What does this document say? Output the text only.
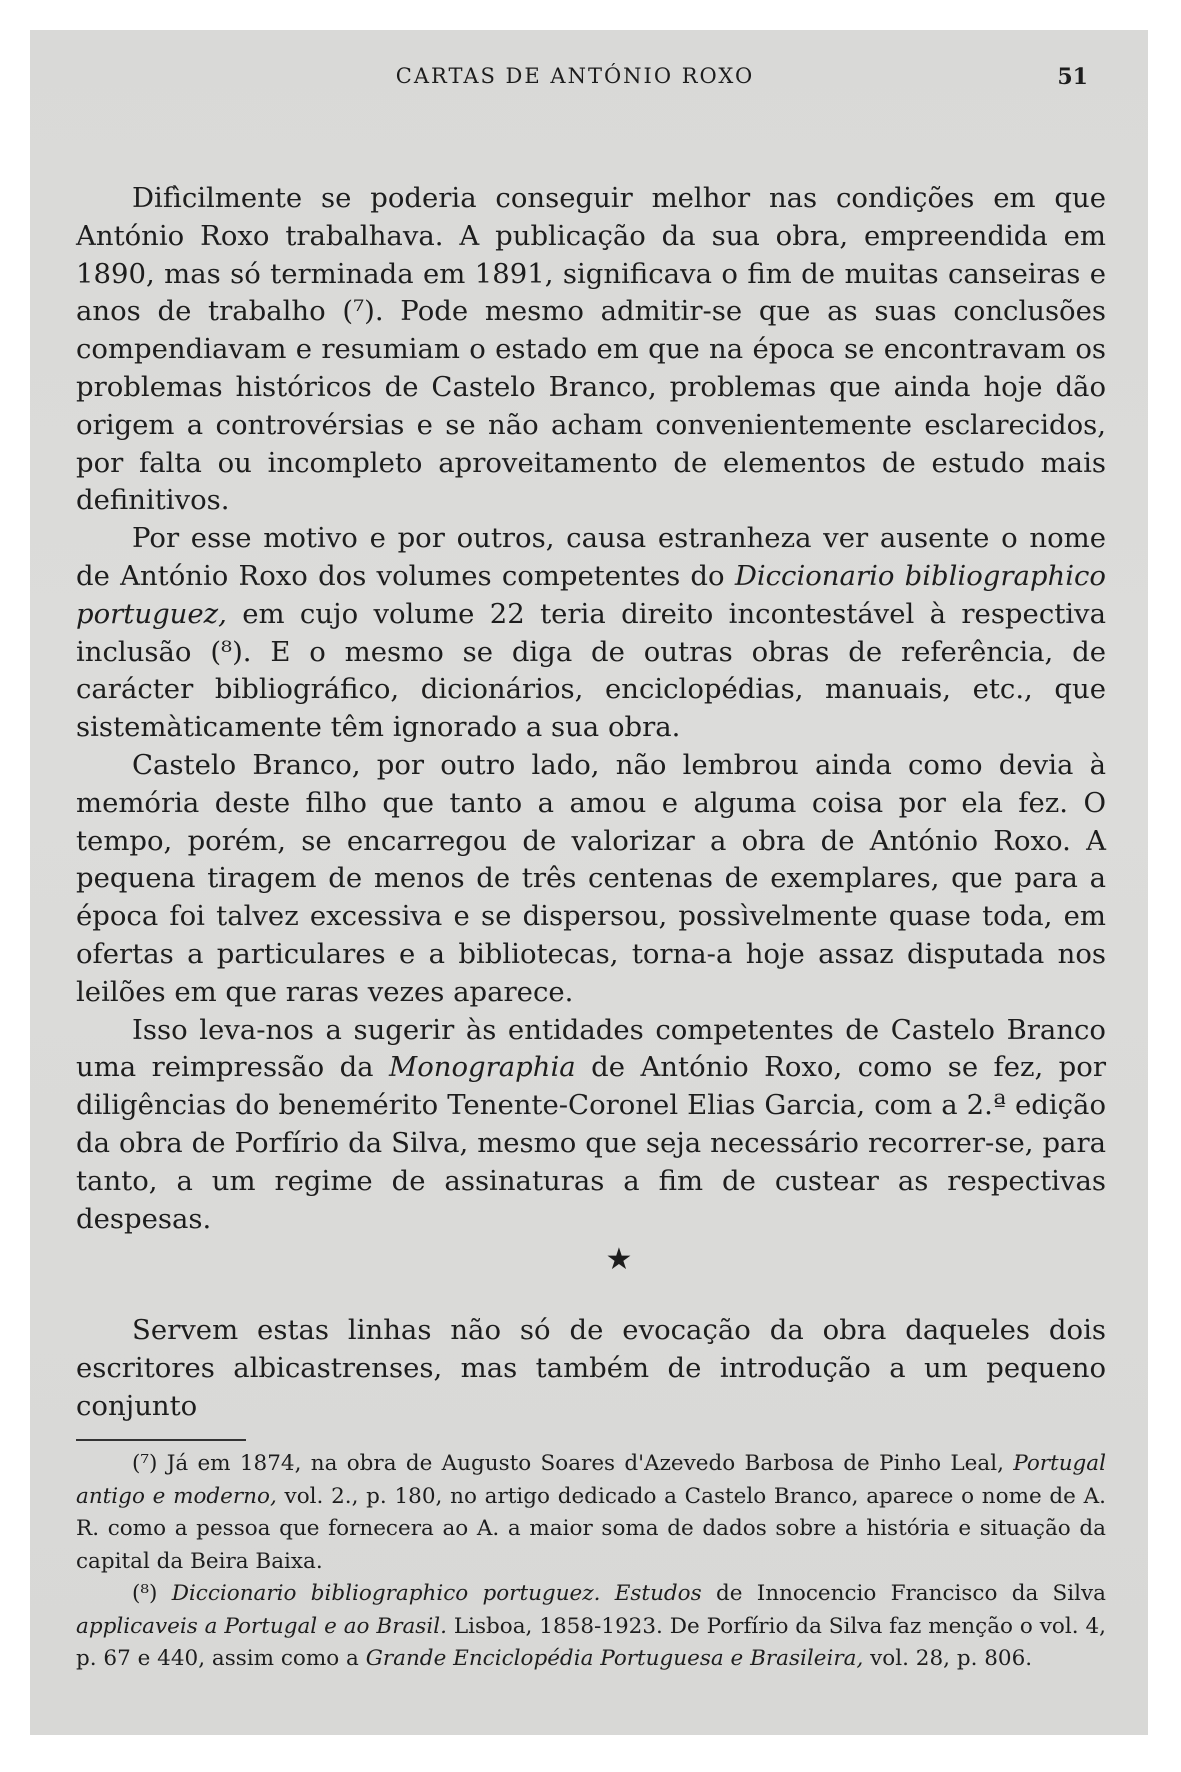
CARTAS DE ANTÓNIO ROXO	51

Difìcilmente se poderia conseguir melhor nas condições em que António Roxo trabalhava. A publicação da sua obra, empreendida em 1890, mas só terminada em 1891, significava o fim de muitas canseiras e anos de trabalho (⁷). Pode mesmo admitir-se que as suas conclusões compendiavam e resumiam o estado em que na época se encontravam os problemas históricos de Castelo Branco, problemas que ainda hoje dão origem a controvérsias e se não acham convenientemente esclarecidos, por falta ou incompleto aproveitamento de elementos de estudo mais definitivos.

Por esse motivo e por outros, causa estranheza ver ausente o nome de António Roxo dos volumes competentes do Diccionario bibliographico portuguez, em cujo volume 22 teria direito incontestável à respectiva inclusão (⁸). E o mesmo se diga de outras obras de referência, de carácter bibliográfico, dicionários, enciclopédias, manuais, etc., que sistemàticamente têm ignorado a sua obra.

Castelo Branco, por outro lado, não lembrou ainda como devia à memória deste filho que tanto a amou e alguma coisa por ela fez. O tempo, porém, se encarregou de valorizar a obra de António Roxo. A pequena tiragem de menos de três centenas de exemplares, que para a época foi talvez excessiva e se dispersou, possìvelmente quase toda, em ofertas a particulares e a bibliotecas, torna-a hoje assaz disputada nos leilões em que raras vezes aparece.

Isso leva-nos a sugerir às entidades competentes de Castelo Branco uma reimpressão da Monographia de António Roxo, como se fez, por diligências do benemérito Tenente-Coronel Elias Garcia, com a 2.ª edição da obra de Porfírio da Silva, mesmo que seja necessário recorrer-se, para tanto, a um regime de assinaturas a fim de custear as respectivas despesas.

★

Servem estas linhas não só de evocação da obra daqueles dois escritores albicastrenses, mas também de introdução a um pequeno conjunto

(⁷) Já em 1874, na obra de Augusto Soares d'Azevedo Barbosa de Pinho Leal, Portugal antigo e moderno, vol. 2., p. 180, no artigo dedicado a Castelo Branco, aparece o nome de A. R. como a pessoa que fornecera ao A. a maior soma de dados sobre a história e situação da capital da Beira Baixa.

(⁸) Diccionario bibliographico portuguez. Estudos de Innocencio Francisco da Silva applicaveis a Portugal e ao Brasil. Lisboa, 1858-1923. De Porfírio da Silva faz menção o vol. 4, p. 67 e 440, assim como a Grande Enciclopédia Portuguesa e Brasileira, vol. 28, p. 806.
